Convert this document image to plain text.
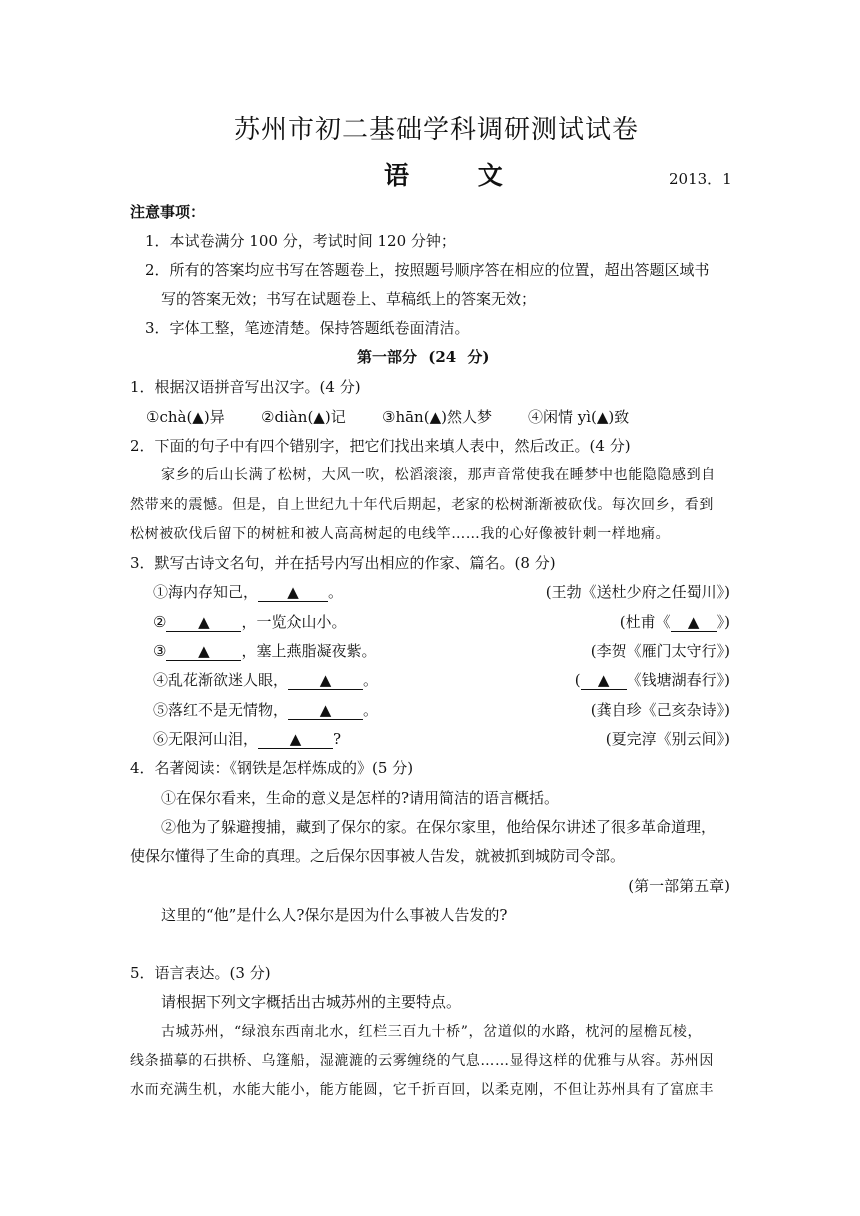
苏州市初二基础学科调研测试试卷
语 文	2013．1
注意事项：
1．本试卷满分 100 分，考试时间 120 分钟；
2．所有的答案均应书写在答题卷上，按照题号顺序答在相应的位置，超出答题区域书
写的答案无效；书写在试题卷上、草稿纸上的答案无效；
3．字体工整，笔迹清楚。保持答题纸卷面清洁。
第一部分 (24 分)
1．根据汉语拼音写出汉字。(4 分)
①chà(▲)异 ②diàn(▲)记 ③hān(▲)然人梦 ④闲情 yì(▲)致
2．下面的句子中有四个错别字，把它们找出来填人表中，然后改正。(4 分)
家乡的后山长满了松树，大风一吹，松滔滚滚，那声音常使我在睡梦中也能隐隐感到自
然带来的震憾。但是，自上世纪九十年代后期起，老家的松树渐渐被砍伐。每次回乡，看到
松树被砍伐后留下的树桩和被人高高树起的电线竿……我的心好像被针刺一样地痛。
3．默写古诗文名句，并在括号内写出相应的作家、篇名。(8 分)
①海内存知己， ▲ 。	(王勃《送杜少府之任蜀川》)
② ▲ ，一览众山小。	(杜甫《 ▲ 》)
③ ▲ ，塞上燕脂凝夜紫。	(李贺《雁门太守行》)
④乱花渐欲迷人眼， ▲ 。	( ▲ 《钱塘湖春行》)
⑤落红不是无情物， ▲ 。	(龚自珍《己亥杂诗》)
⑥无限河山泪， ▲ ?	(夏完淳《别云间》)
4．名著阅读：《钢铁是怎样炼成的》(5 分)
①在保尔看来，生命的意义是怎样的?请用简洁的语言概括。
②他为了躲避搜捕，藏到了保尔的家。在保尔家里，他给保尔讲述了很多革命道理，
使保尔懂得了生命的真理。之后保尔因事被人告发，就被抓到城防司令部。
(第一部第五章)
这里的“他”是什么人?保尔是因为什么事被人告发的?
5．语言表达。(3 分)
请根据下列文字概括出古城苏州的主要特点。
古城苏州，“绿浪东西南北水，红栏三百九十桥”，岔道似的水路，枕河的屋檐瓦棱，
线条描摹的石拱桥、乌篷船，湿漉漉的云雾缠绕的气息……显得这样的优雅与从容。苏州因
水而充满生机，水能大能小，能方能圆，它千折百回，以柔克刚，不但让苏州具有了富庶丰
